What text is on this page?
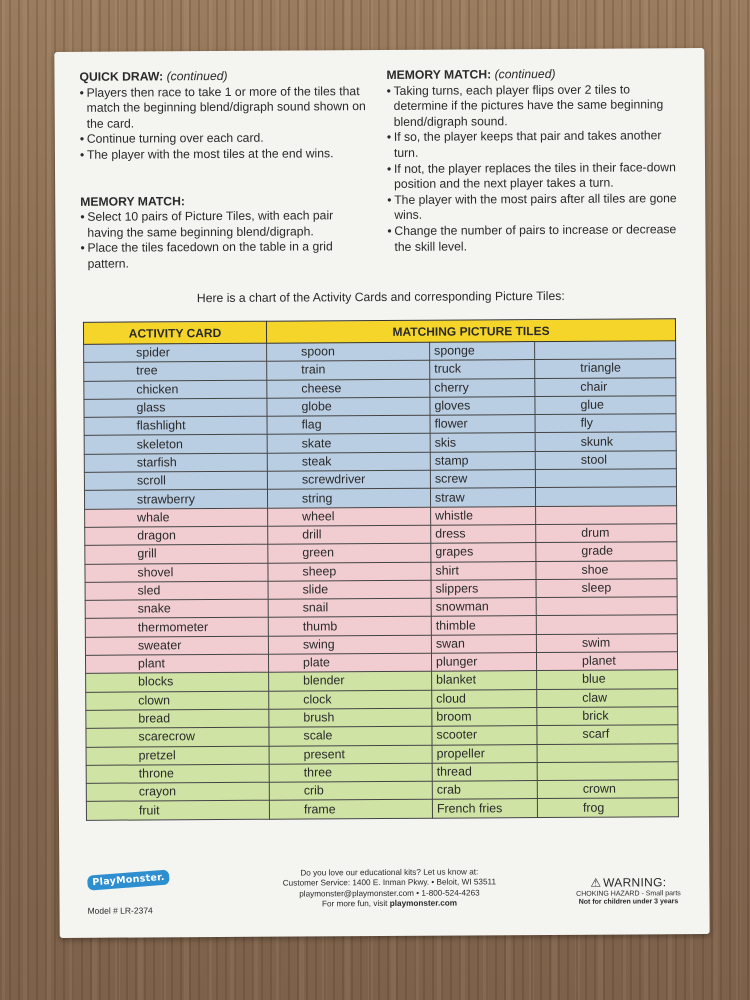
QUICK DRAW: (continued)

• Players then race to take 1 or more of the tiles that match the beginning blend/digraph sound shown on the card.
• Continue turning over each card.
• The player with the most tiles at the end wins.

MEMORY MATCH:

• Select 10 pairs of Picture Tiles, with each pair having the same beginning blend/digraph.
• Place the tiles facedown on the table in a grid pattern.

MEMORY MATCH: (continued)

• Taking turns, each player flips over 2 tiles to determine if the pictures have the same beginning blend/digraph sound.
• If so, the player keeps that pair and takes another turn.
• If not, the player replaces the tiles in their face-down position and the next player takes a turn.
• The player with the most pairs after all tiles are gone wins.
• Change the number of pairs to increase or decrease the skill level.
Here is a chart of the Activity Cards and corresponding Picture Tiles:
ACTIVITY CARD	MATCHING PICTURE TILES		
spider	spoon	sponge	
tree	train	truck	triangle
chicken	cheese	cherry	chair
glass	globe	gloves	glue
flashlight	flag	flower	fly
skeleton	skate	skis	skunk
starfish	steak	stamp	stool
scroll	screwdriver	screw	
strawberry	string	straw	
whale	wheel	whistle	
dragon	drill	dress	drum
grill	green	grapes	grade
shovel	sheep	shirt	shoe
sled	slide	slippers	sleep
snake	snail	snowman	
thermometer	thumb	thimble	
sweater	swing	swan	swim
plant	plate	plunger	planet
blocks	blender	blanket	blue
clown	clock	cloud	claw
bread	brush	broom	brick
scarecrow	scale	scooter	scarf
pretzel	present	propeller	
throne	three	thread	
crayon	crib	crab	crown
fruit	frame	French fries	frog
PlayMonster.
Model # LR-2374
Do you love our educational kits? Let us know at:
Customer Service: 1400 E. Inman Pkwy. • Beloit, WI 53511
playmonster@playmonster.com • 1-800-524-4263
For more fun, visit playmonster.com
⚠ WARNING:
CHOKING HAZARD - Small parts
Not for children under 3 years
